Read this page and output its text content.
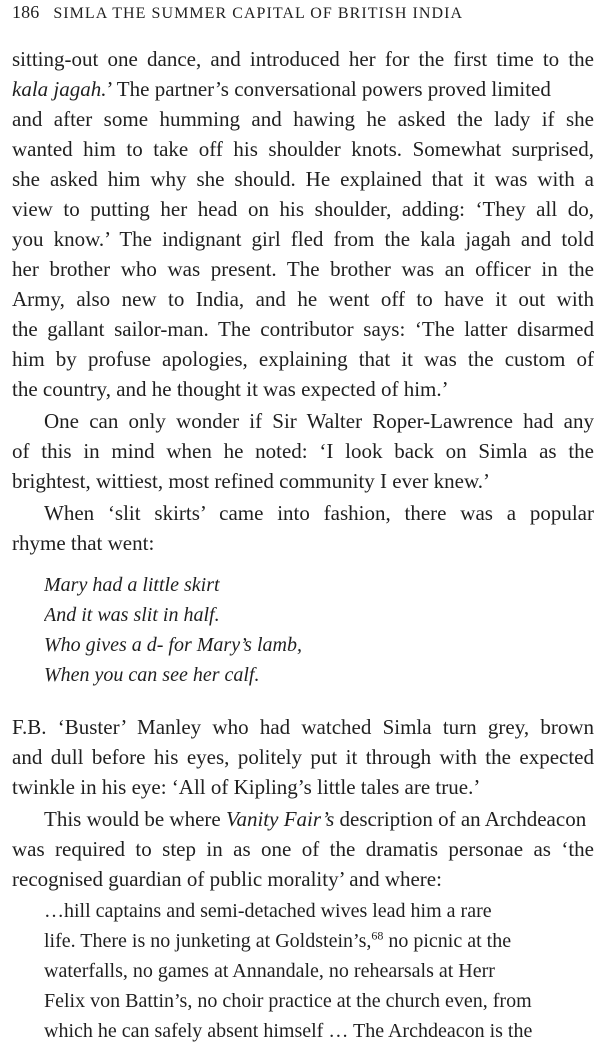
186 SIMLA THE SUMMER CAPITAL OF BRITISH INDIA
sitting-out one dance, and introduced her for the first time to the
kala jagah.’ The partner’s conversational powers proved limited
and after some humming and hawing he asked the lady if she
wanted him to take off his shoulder knots. Somewhat surprised,
she asked him why she should. He explained that it was with a
view to putting her head on his shoulder, adding: ‘They all do,
you know.’ The indignant girl fled from the kala jagah and told
her brother who was present. The brother was an officer in the
Army, also new to India, and he went off to have it out with
the gallant sailor-man. The contributor says: ‘The latter disarmed
him by profuse apologies, explaining that it was the custom of
the country, and he thought it was expected of him.’
One can only wonder if Sir Walter Roper-Lawrence had any
of this in mind when he noted: ‘I look back on Simla as the
brightest, wittiest, most refined community I ever knew.’
When ‘slit skirts’ came into fashion, there was a popular
rhyme that went:
Mary had a little skirt
And it was slit in half.
Who gives a d- for Mary’s lamb,
When you can see her calf.
F.B. ‘Buster’ Manley who had watched Simla turn grey, brown
and dull before his eyes, politely put it through with the expected
twinkle in his eye: ‘All of Kipling’s little tales are true.’
This would be where Vanity Fair’s description of an Archdeacon
was required to step in as one of the dramatis personae as ‘the
recognised guardian of public morality’ and where:
…hill captains and semi-detached wives lead him a rare
life. There is no junketing at Goldstein’s,$^{68}$ no picnic at the
waterfalls, no games at Annandale, no rehearsals at Herr
Felix von Battin’s, no choir practice at the church even, from
which he can safely absent himself … The Archdeacon is the
